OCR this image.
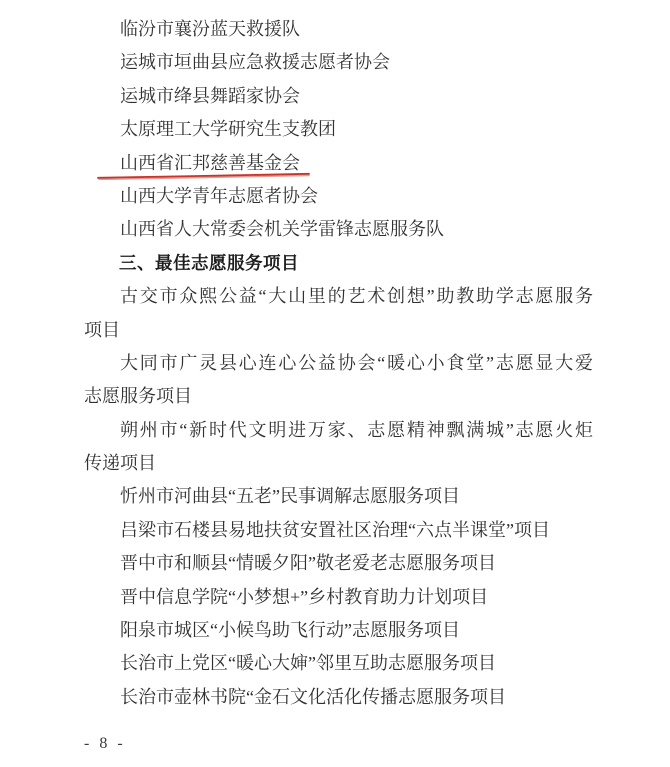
临汾市襄汾蓝天救援队
运城市垣曲县应急救援志愿者协会
运城市绛县舞蹈家协会
太原理工大学研究生支教团
山西省汇邦慈善基金会
山西大学青年志愿者协会
山西省人大常委会机关学雷锋志愿服务队
三、最佳志愿服务项目
古交市众熙公益“大山里的艺术创想”助教助学志愿服务
项目
大同市广灵县心连心公益协会“暖心小食堂”志愿显大爱
志愿服务项目
朔州市“新时代文明进万家、志愿精神飘满城”志愿火炬
传递项目
忻州市河曲县“五老”民事调解志愿服务项目
吕梁市石楼县易地扶贫安置社区治理“六点半课堂”项目
晋中市和顺县“情暖夕阳”敬老爱老志愿服务项目
晋中信息学院“小梦想+”乡村教育助力计划项目
阳泉市城区“小候鸟助飞行动”志愿服务项目
长治市上党区“暖心大婶”邻里互助志愿服务项目
长治市壶林书院“金石文化活化传播志愿服务项目
- 8 -
